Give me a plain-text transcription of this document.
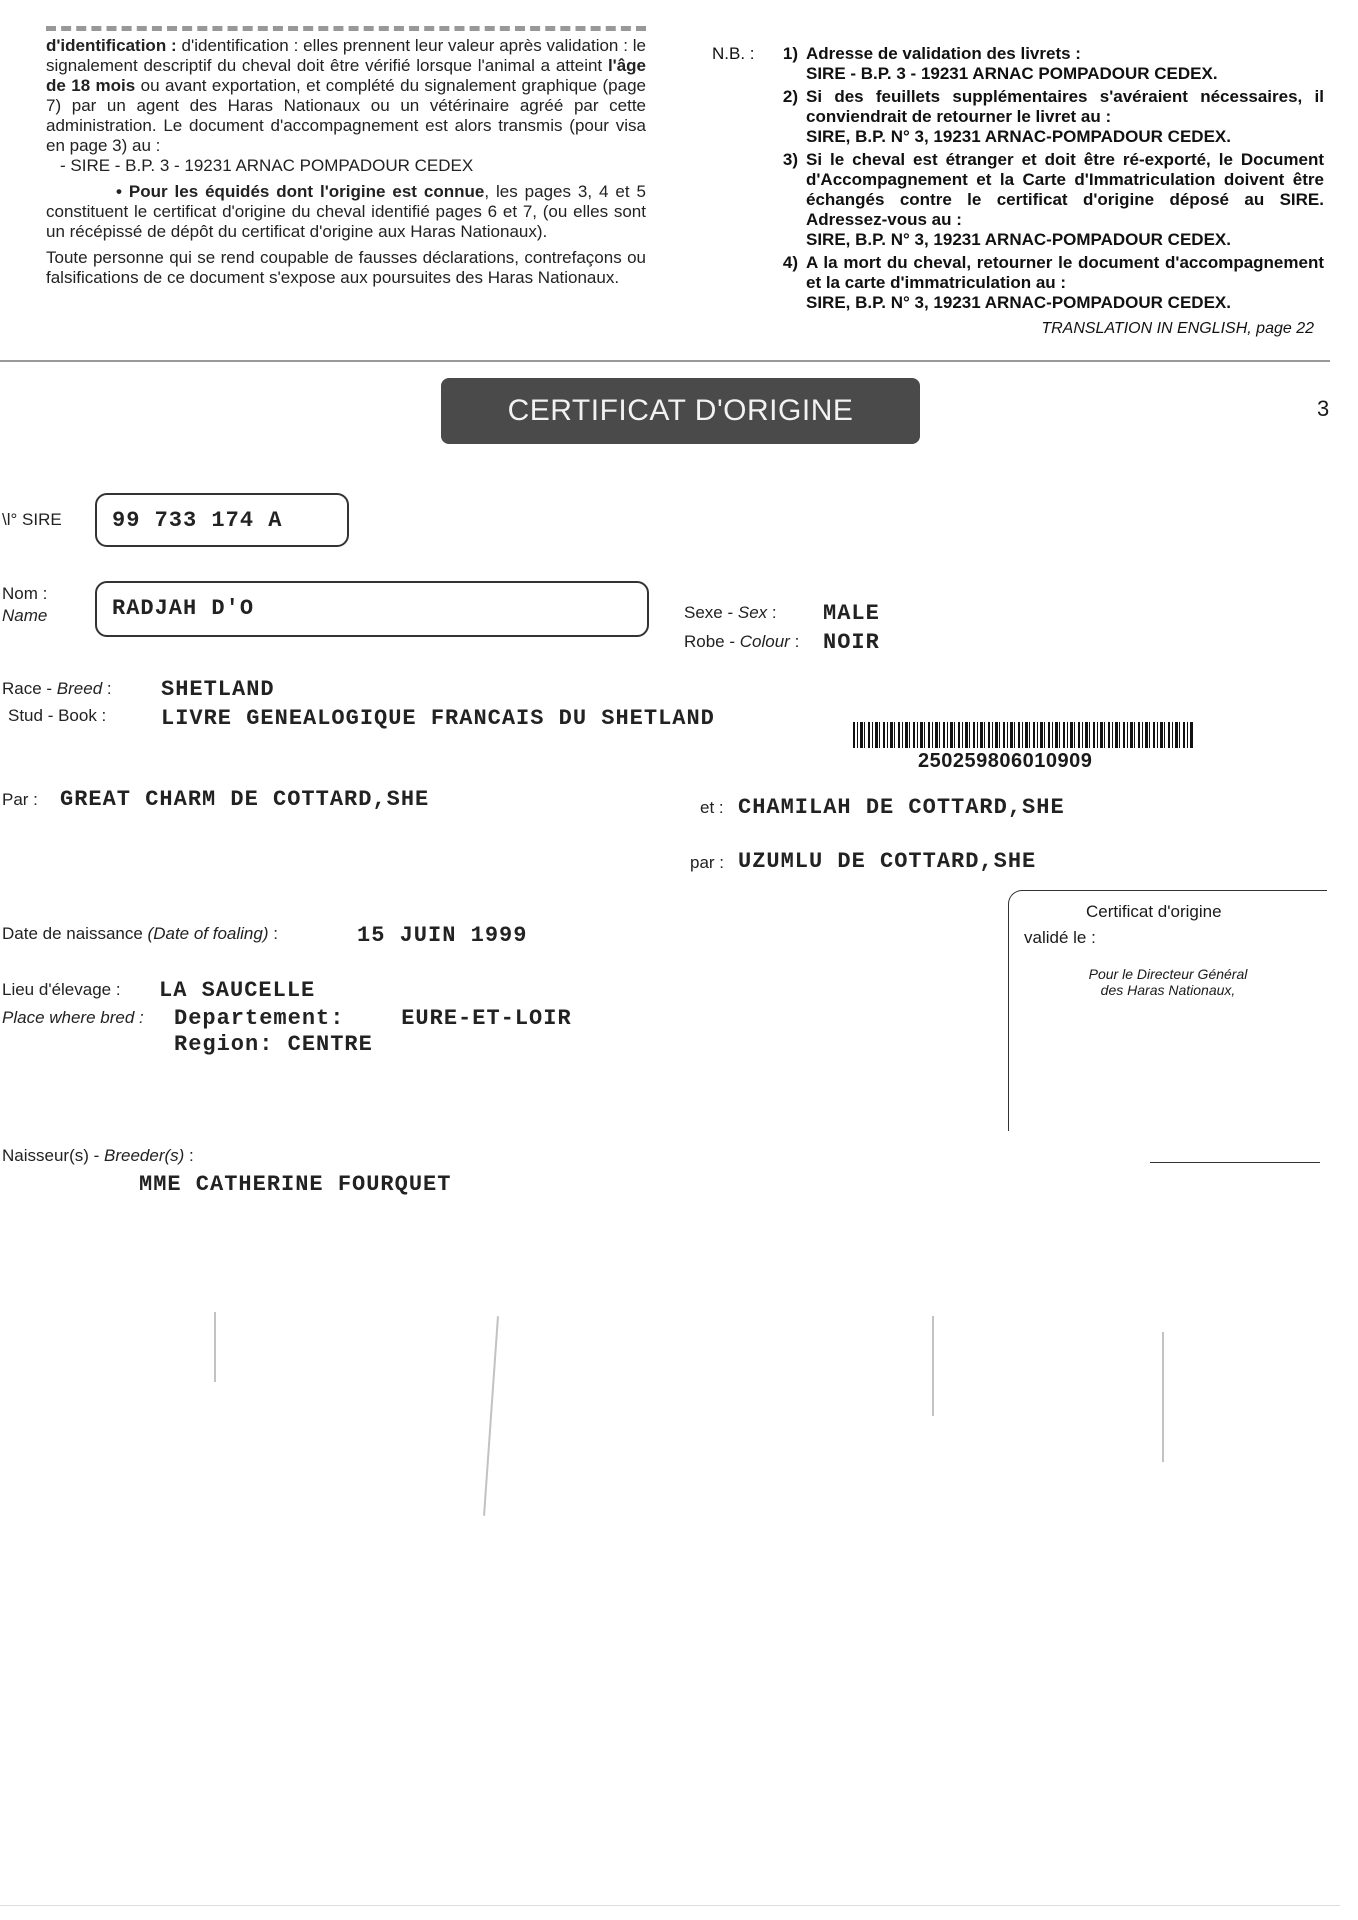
d'identification : d'identification : elles prennent leur valeur après validation : le signalement descriptif du cheval doit être vérifié lorsque l'animal a atteint l'âge de 18 mois ou avant exportation, et complété du signalement graphique (page 7) par un agent des Haras Nationaux ou un vétérinaire agréé par cette administration. Le document d'accompagnement est alors transmis (pour visa en page 3) au :
- SIRE - B.P. 3 - 19231 ARNAC POMPADOUR CEDEX

• Pour les équidés dont l'origine est connue, les pages 3, 4 et 5 constituent le certificat d'origine du cheval identifié pages 6 et 7, (ou elles sont un récépissé de dépôt du certificat d'origine aux Haras Nationaux).

Toute personne qui se rend coupable de fausses déclarations, contrefaçons ou falsifications de ce document s'expose aux poursuites des Haras Nationaux.

N.B. :	1) Adresse de validation des livrets :
SIRE - B.P. 3 - 19231 ARNAC POMPADOUR CEDEX.
2) Si des feuillets supplémentaires s'avéraient nécessaires, il conviendrait de retourner le livret au :
SIRE, B.P. N° 3, 19231 ARNAC-POMPADOUR CEDEX.
3) Si le cheval est étranger et doit être ré-exporté, le Document d'Accompagnement et la Carte d'Immatriculation doivent être échangés contre le certificat d'origine déposé au SIRE. Adressez-vous au :
SIRE, B.P. N° 3, 19231 ARNAC-POMPADOUR CEDEX.
4) A la mort du cheval, retourner le document d'accompagnement et la carte d'immatriculation au :
SIRE, B.P. N° 3, 19231 ARNAC-POMPADOUR CEDEX.
TRANSLATION IN ENGLISH, page 22
CERTIFICAT D'ORIGINE	3
\l° SIRE 99 733 174 A
Nom :
Name	RADJAH D'O	Sexe - Sex : MALE
Robe - Colour : NOIR
Race - Breed : SHETLAND
Stud - Book : LIVRE GENEALOGIQUE FRANCAIS DU SHETLAND
250259806010909
Par : GREAT CHARM DE COTTARD,SHE	et : CHAMILAH DE COTTARD,SHE
par : UZUMLU DE COTTARD,SHE
Date de naissance (Date of foaling) :	15 JUIN 1999
Lieu d'élevage : LA SAUCELLE
Place where bred : Departement:    EURE-ET-LOIR
Region: CENTRE
Naisseur(s) - Breeder(s) :
MME CATHERINE FOURQUET
Certificat d'origine
validé le :
Pour le Directeur Général
des Haras Nationaux,
